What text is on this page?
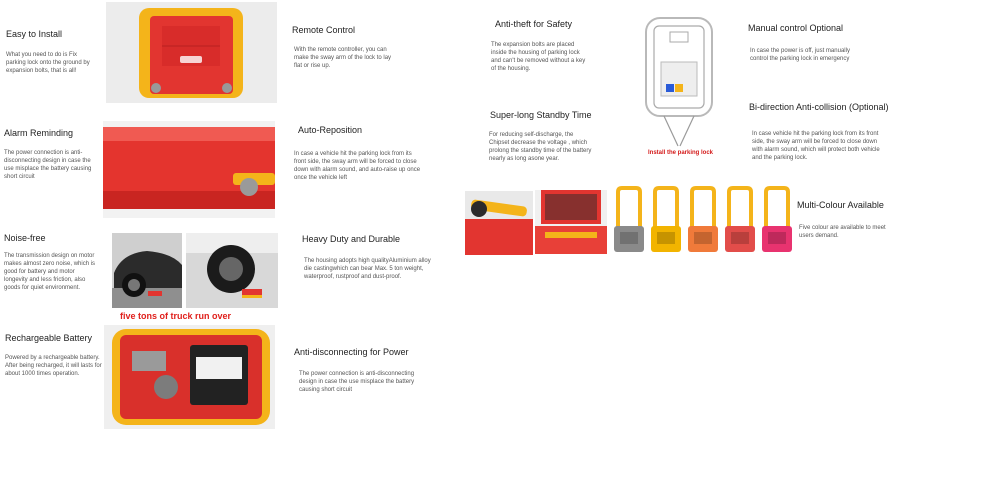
Easy to Install
What you need to do is Fix parking lock onto the ground by expansion bolts, that is all!
Alarm Reminding
The power connection is anti-disconnecting design in case the use misplace the battery causing short circuit
Noise-free
The transmission design on motor makes almost zero noise, which is good for battery and motor longevity and less friction, also goods for quiet environment.
five tons of truck run over
Rechargeable Battery
Powered by a rechargeable battery. After being recharged, it will lasts for about 1000 times operation.
Remote Control
With the remote controller, you can make the sway arm of the lock to lay flat or rise up.
Auto-Reposition
In case a vehicle hit the parking lock from its front side, the sway arm will be forced to close down with alarm sound, and auto-raise up once once the vehicle left
Heavy Duty and Durable
The housing adopts high qualityAluminium alloy die castingwhich can bear Max. 5 ton weight, waterproof, rustproof and dust-proof.
Anti-disconnecting for Power
The power connection is anti-disconnecting design in case the use misplace the battery causing short circuit
Anti-theft for Safety
The expansion bolts are placed inside the housing of parking lock and can't be removed without a key of the housing.
Super-long Standby Time
For reducing self-discharge, the Chipset decrease the voltage , which prolong the standby time of the battery nearly as long asone year.
Install the parking lock
Manual control Optional
In case the power is off, just manually control the parking lock in emergency
Bi-direction Anti-collision (Optional)
In case vehicle hit the parking lock from its front side, the sway arm will be forced to close down with alarm sound, which will protect both vehicle and the parking lock.
Multi-Colour Available
Five colour are available to meet users demand.
